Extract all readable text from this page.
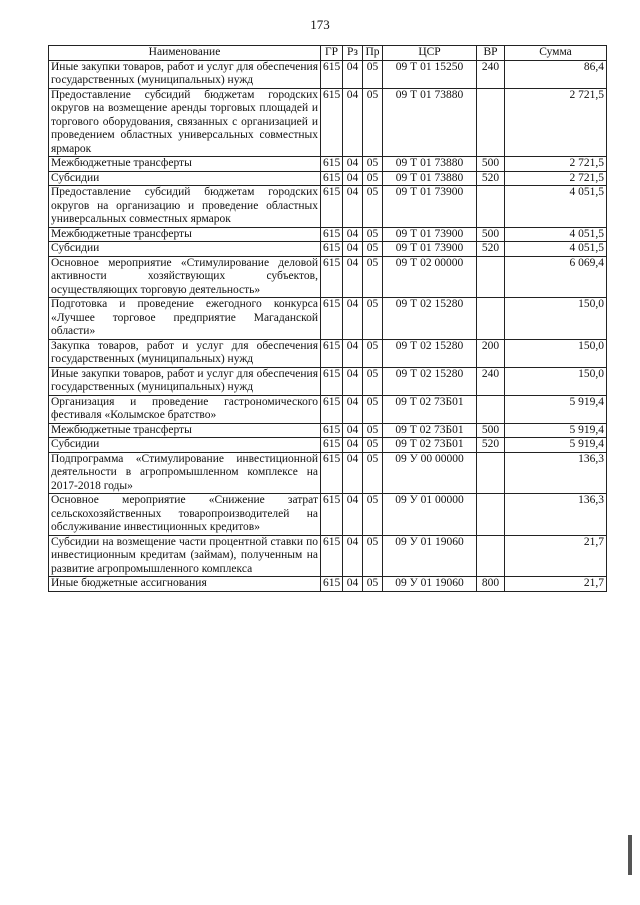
173
Наименование	ГР	Рз	Пр	ЦСР	ВР	Сумма
Иные закупки товаров, работ и услуг для обеспечения государственных (муниципальных) нужд	615	04	05	09 Т 01 15250	240	86,4
Предоставление субсидий бюджетам городских округов на возмещение аренды торговых площадей и торгового оборудования, связанных с организацией и проведением областных универсальных совместных ярмарок	615	04	05	09 Т 01 73880		2 721,5
Межбюджетные трансферты	615	04	05	09 Т 01 73880	500	2 721,5
Субсидии	615	04	05	09 Т 01 73880	520	2 721,5
Предоставление субсидий бюджетам городских округов на организацию и проведение областных универсальных совместных ярмарок	615	04	05	09 Т 01 73900		4 051,5
Межбюджетные трансферты	615	04	05	09 Т 01 73900	500	4 051,5
Субсидии	615	04	05	09 Т 01 73900	520	4 051,5
Основное мероприятие «Стимулирование деловой активности хозяйствующих субъектов, осуществляющих торговую деятельность»	615	04	05	09 Т 02 00000		6 069,4
Подготовка и проведение ежегодного конкурса «Лучшее торговое предприятие Магаданской области»	615	04	05	09 Т 02 15280		150,0
Закупка товаров, работ и услуг для обеспечения государственных (муниципальных) нужд	615	04	05	09 Т 02 15280	200	150,0
Иные закупки товаров, работ и услуг для обеспечения государственных (муниципальных) нужд	615	04	05	09 Т 02 15280	240	150,0
Организация и проведение гастрономического фестиваля «Колымское братство»	615	04	05	09 Т 02 73Б01		5 919,4
Межбюджетные трансферты	615	04	05	09 Т 02 73Б01	500	5 919,4
Субсидии	615	04	05	09 Т 02 73Б01	520	5 919,4
Подпрограмма «Стимулирование инвестиционной деятельности в агропромышленном комплексе на 2017-2018 годы»	615	04	05	09 У 00 00000		136,3
Основное мероприятие «Снижение затрат сельскохозяйственных товаропроизводителей на обслуживание инвестиционных кредитов»	615	04	05	09 У 01 00000		136,3
Субсидии на возмещение части процентной ставки по инвестиционным кредитам (займам), полученным на развитие агропромышленного комплекса	615	04	05	09 У 01 19060		21,7
Иные бюджетные ассигнования	615	04	05	09 У 01 19060	800	21,7
